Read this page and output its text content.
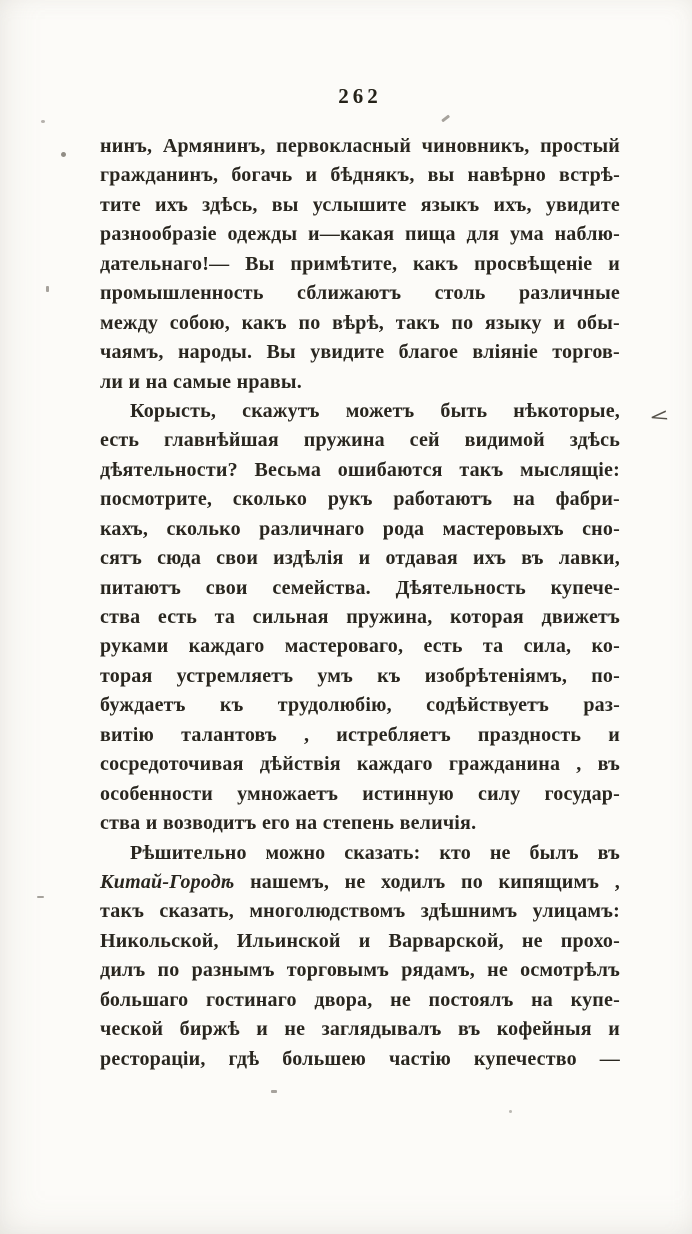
262
нинъ, Армянинъ, первокласный чиновникъ, простый
гражданинъ, богачь и бѣднякъ, вы навѣрно встрѣ-
тите ихъ здѣсь, вы услышите языкъ ихъ, увидите
разнообразіе одежды и—какая пища для ума наблю-
дательнаго!— Вы примѣтите, какъ просвѣщеніе и
промышленность сближаютъ столь различные
между собою, какъ по вѣрѣ, такъ по языку и обы-
чаямъ, народы. Вы увидите благое вліяніе торгов-
ли и на самые нравы.
Корысть, скажутъ можетъ быть нѣкоторые,
есть главнѣйшая пружина сей видимой здѣсь
дѣятельности? Весьма ошибаются такъ мыслящіе:
посмотрите, сколько рукъ работаютъ на фабри-
кахъ, сколько различнаго рода мастеровыхъ сно-
сятъ сюда свои издѣлія и отдавая ихъ въ лавки,
питаютъ свои семейства. Дѣятельность купече-
ства есть та сильная пружина, которая движетъ
руками каждаго мастероваго, есть та сила, ко-
торая устремляетъ умъ къ изобрѣтеніямъ, по-
буждаетъ къ трудолюбію, содѣйствуетъ раз-
витію талантовъ , истребляетъ праздность и
сосредоточивая дѣйствія каждаго гражданина , въ
особенности умножаетъ истинную силу государ-
ства и возводитъ его на степень величія.
Рѣшительно можно сказать: кто не былъ въ
Китай-Городѣ нашемъ, не ходилъ по кипящимъ ,
такъ сказать, многолюдствомъ здѣшнимъ улицамъ:
Никольской, Ильинской и Варварской, не прохо-
дилъ по разнымъ торговымъ рядамъ, не осмотрѣлъ
большаго гостинаго двора, не постоялъ на купе-
ческой биржѣ и не заглядывалъ въ кофейныя и
рестораціи, гдѣ большею частію купечество —
<
